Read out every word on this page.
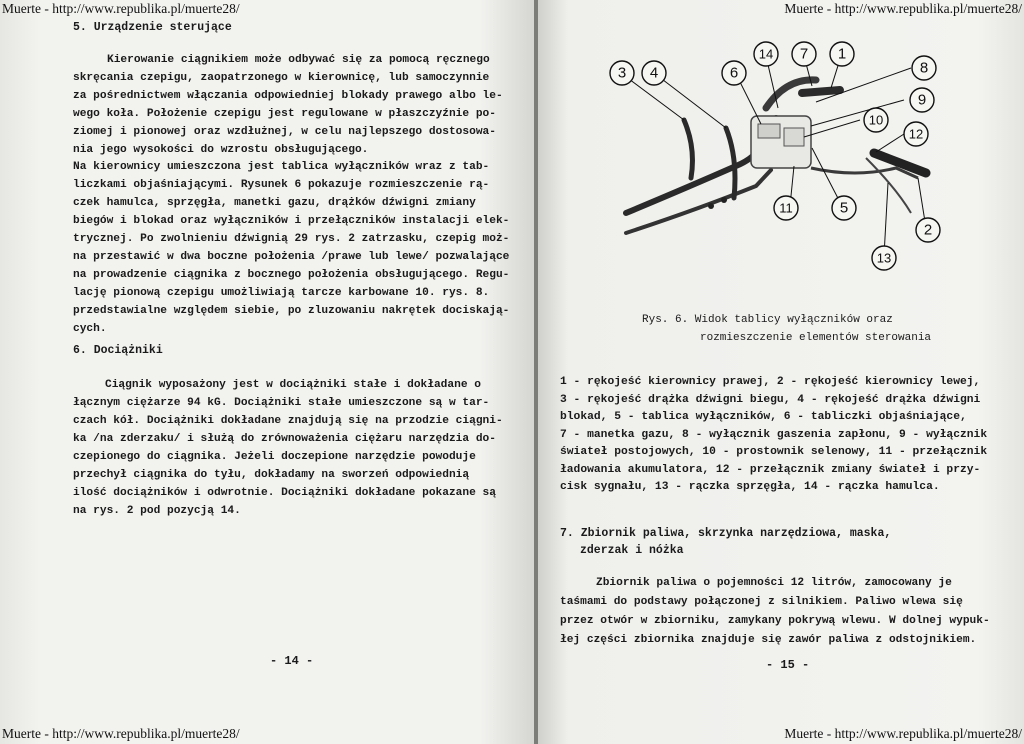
5. Urządzenie sterujące
Kierowanie ciągnikiem może odbywać się za pomocą ręcznego
skręcania czepigu, zaopatrzonego w kierownicę, lub samoczynnie
za pośrednictwem włączania odpowiedniej blokady prawego albo le-
wego koła. Położenie czepigu jest regulowane w płaszczyźnie po-
ziomej i pionowej oraz wzdłużnej, w celu najlepszego dostosowa-
nia jego wysokości do wzrostu obsługującego.
Na kierownicy umieszczona jest tablica wyłączników wraz z tab-
liczkami objaśniającymi. Rysunek 6 pokazuje rozmieszczenie rą-
czek hamulca, sprzęgła, manetki gazu, drążków dźwigni zmiany
biegów i blokad oraz wyłączników i przełączników instalacji elek-
trycznej. Po zwolnieniu dźwignią 29 rys. 2 zatrzasku, czepig moż-
na przestawić w dwa boczne położenia /prawe lub lewe/ pozwalające
na prowadzenie ciągnika z bocznego położenia obsługującego. Regu-
lację pionową czepigu umożliwiają tarcze karbowane 10. rys. 8.
przedstawialne względem siebie, po zluzowaniu nakrętek dociskają-
cych.
6. Dociążniki
Ciągnik wyposażony jest w dociążniki stałe i dokładane o
łącznym ciężarze 94 kG. Dociążniki stałe umieszczone są w tar-
czach kół. Dociążniki dokładane znajdują się na przodzie ciągni-
ka /na zderzaku/ i służą do zrównoważenia ciężaru narzędzia do-
czepionego do ciągnika. Jeżeli doczepione narzędzie powoduje
przechył ciągnika do tyłu, dokładamy na sworzeń odpowiednią
ilość dociążników i odwrotnie. Dociążniki dokładane pokazane są
na rys. 2 pod pozycją 14.
- 14 -
3 4	6
14 7 1
8
9
10
12
11	5
2
13
Rys. 6. Widok tablicy wyłączników oraz
rozmieszczenie elementów sterowania
1 - rękojeść kierownicy prawej, 2 - rękojeść kierownicy lewej,
3 - rękojeść drążka dźwigni biegu, 4 - rękojeść drążka dźwigni
blokad, 5 - tablica wyłączników, 6 - tabliczki objaśniające,
7 - manetka gazu, 8 - wyłącznik gaszenia zapłonu, 9 - wyłącznik
świateł postojowych, 10 - prostownik selenowy, 11 - przełącznik
ładowania akumulatora, 12 - przełącznik zmiany świateł i przy-
cisk sygnału, 13 - rączka sprzęgła, 14 - rączka hamulca.
7. Zbiornik paliwa, skrzynka narzędziowa, maska,
zderzak i nóżka
Zbiornik paliwa o pojemności 12 litrów, zamocowany je
taśmami do podstawy połączonej z silnikiem. Paliwo wlewa się
przez otwór w zbiorniku, zamykany pokrywą wlewu. W dolnej wypuk-
łej części zbiornika znajduje się zawór paliwa z odstojnikiem.
- 15 -
Muerte - http://www.republika.pl/muerte28/	Muerte - http://www.republika.pl/muerte28/
Muerte - http://www.republika.pl/muerte28/	Muerte - http://www.republika.pl/muerte28/
